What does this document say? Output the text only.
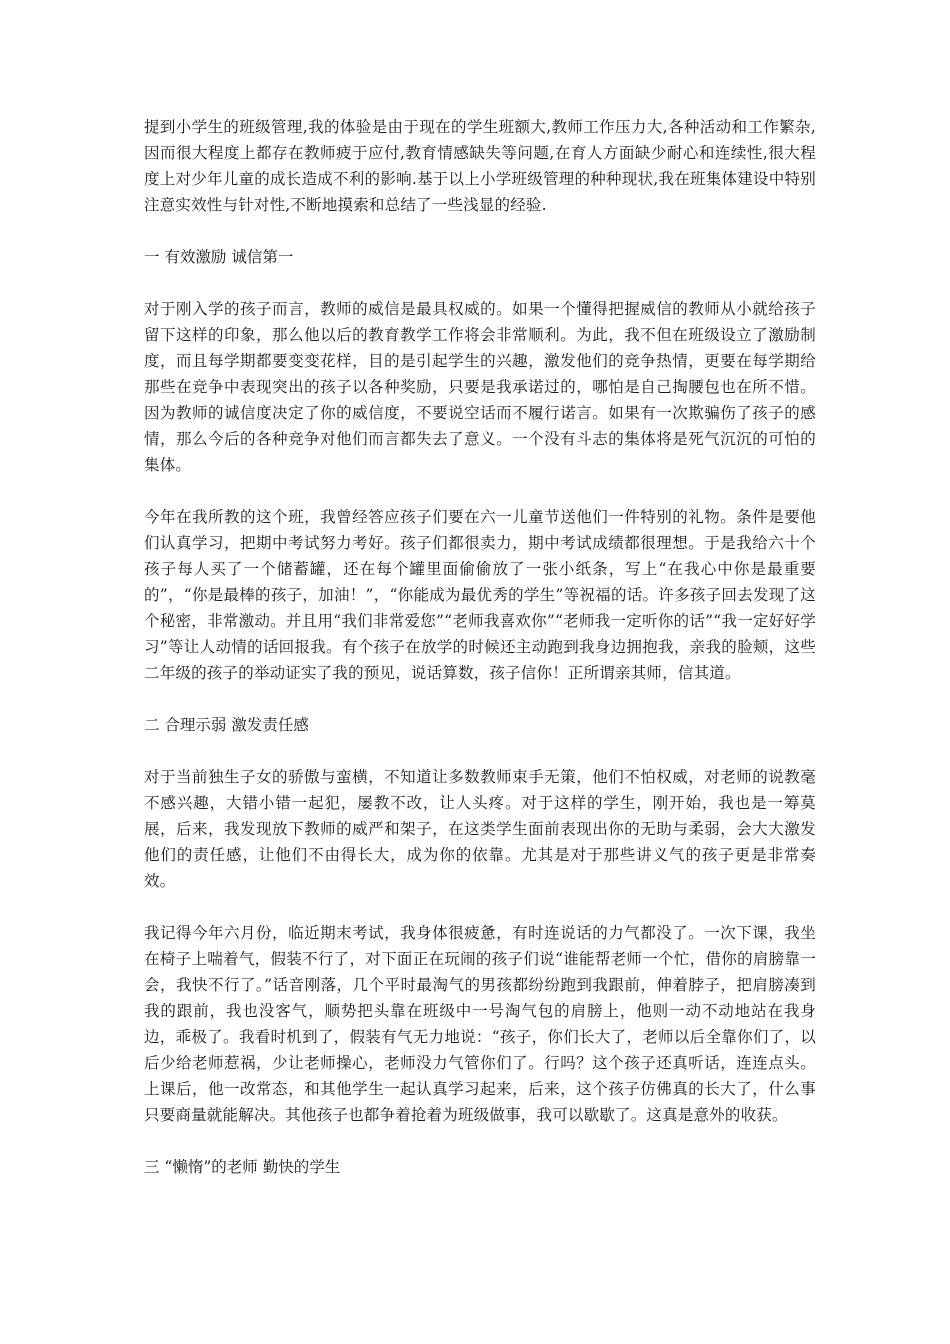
提到小学生的班级管理,我的体验是由于现在的学生班额大,教师工作压力大,各种活动和工作繁杂,因而很大程度上都存在教师疲于应付,教育情感缺失等问题,在育人方面缺少耐心和连续性,很大程度上对少年儿童的成长造成不利的影响.基于以上小学班级管理的种种现状,我在班集体建设中特别注意实效性与针对性,不断地摸索和总结了一些浅显的经验.

一 有效激励 诚信第一

对于刚入学的孩子而言，教师的威信是最具权威的。如果一个懂得把握威信的教师从小就给孩子留下这样的印象，那么他以后的教育教学工作将会非常顺利。为此，我不但在班级设立了激励制度，而且每学期都要变变花样，目的是引起学生的兴趣，激发他们的竞争热情，更要在每学期给那些在竞争中表现突出的孩子以各种奖励，只要是我承诺过的，哪怕是自己掏腰包也在所不惜。因为教师的诚信度决定了你的威信度，不要说空话而不履行诺言。如果有一次欺骗伤了孩子的感情，那么今后的各种竞争对他们而言都失去了意义。一个没有斗志的集体将是死气沉沉的可怕的集体。

今年在我所教的这个班，我曾经答应孩子们要在六一儿童节送他们一件特别的礼物。条件是要他们认真学习，把期中考试努力考好。孩子们都很卖力，期中考试成绩都很理想。于是我给六十个孩子每人买了一个储蓄罐，还在每个罐里面偷偷放了一张小纸条，写上“在我心中你是最重要的”，“你是最棒的孩子，加油！”，“你能成为最优秀的学生”等祝福的话。许多孩子回去发现了这个秘密，非常激动。并且用“我们非常爱您”“老师我喜欢你”“老师我一定听你的话”“我一定好好学习”等让人动情的话回报我。有个孩子在放学的时候还主动跑到我身边拥抱我，亲我的脸颊，这些二年级的孩子的举动证实了我的预见，说话算数，孩子信你！正所谓亲其师，信其道。

二 合理示弱 激发责任感

对于当前独生子女的骄傲与蛮横，不知道让多数教师束手无策，他们不怕权威，对老师的说教毫不感兴趣，大错小错一起犯，屡教不改，让人头疼。对于这样的学生，刚开始，我也是一筹莫展，后来，我发现放下教师的威严和架子，在这类学生面前表现出你的无助与柔弱，会大大激发他们的责任感，让他们不由得长大，成为你的依靠。尤其是对于那些讲义气的孩子更是非常奏效。

我记得今年六月份，临近期末考试，我身体很疲惫，有时连说话的力气都没了。一次下课，我坐在椅子上喘着气，假装不行了，对下面正在玩闹的孩子们说“谁能帮老师一个忙，借你的肩膀靠一会，我快不行了。”话音刚落，几个平时最淘气的男孩都纷纷跑到我跟前，伸着脖子，把肩膀凑到我的跟前，我也没客气，顺势把头靠在班级中一号淘气包的肩膀上，他则一动不动地站在我身边，乖极了。我看时机到了，假装有气无力地说：“孩子，你们长大了，老师以后全靠你们了，以后少给老师惹祸，少让老师操心，老师没力气管你们了。行吗？这个孩子还真听话，连连点头。上课后，他一改常态，和其他学生一起认真学习起来，后来，这个孩子仿佛真的长大了，什么事只要商量就能解决。其他孩子也都争着抢着为班级做事，我可以歇歇了。这真是意外的收获。

三 “懒惰”的老师 勤快的学生
